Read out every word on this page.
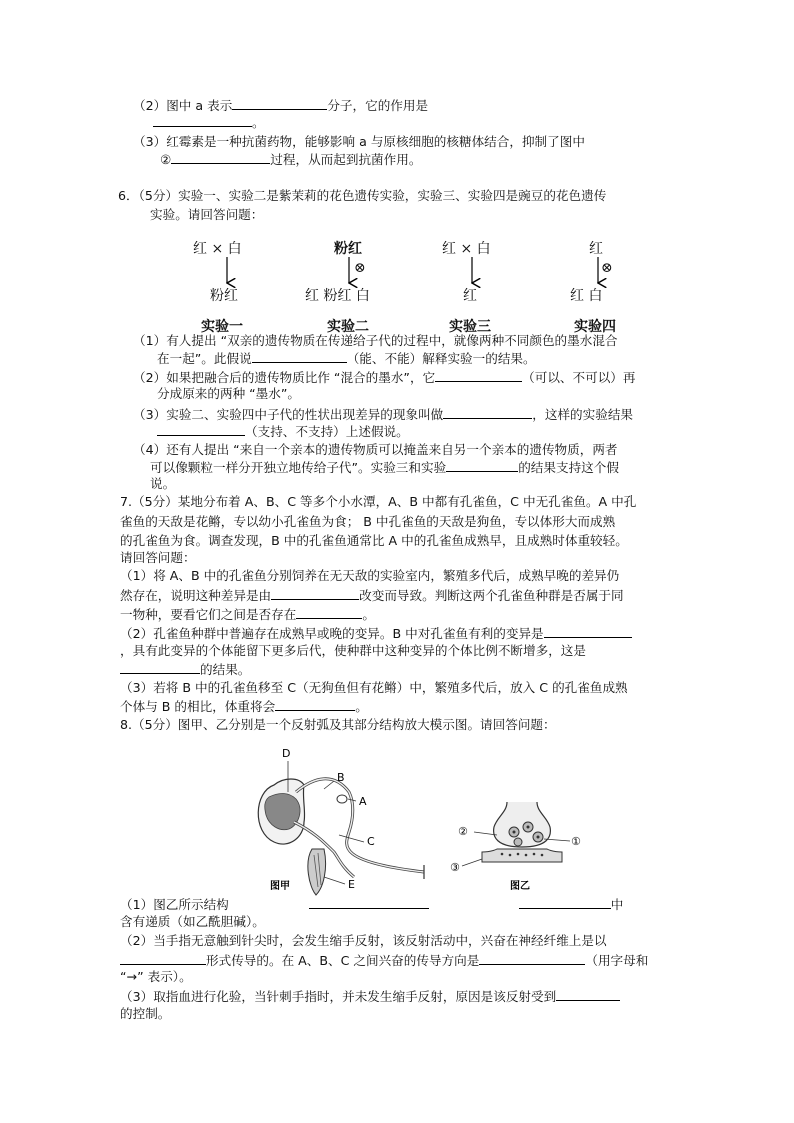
（2）图中 a 表示	分子，它的作用是
。
（3）红霉素是一种抗菌药物，能够影响 a 与原核细胞的核糖体结合，抑制了图中
②	过程，从而起到抗菌作用。
6．（5分）实验一、实验二是紫茉莉的花色遗传实验，实验三、实验四是豌豆的花色遗传
实验。请回答问题：
红 × 白
粉红
实验一
粉红
⊗
红 粉红 白
实验二
红 × 白
红
实验三
红
⊗
红 白
实验四
（1）有人提出 “双亲的遗传物质在传递给子代的过程中，就像两种不同颜色的墨水混合
在一起”。此假说	（能、不能）解释实验一的结果。
（2）如果把融合后的遗传物质比作 “混合的墨水”，它	（可以、不可以）再
分成原来的两种 “墨水”。
（3）实验二、实验四中子代的性状出现差异的现象叫做	，这样的实验结果
（支持、不支持）上述假说。
（4）还有人提出 “来自一个亲本的遗传物质可以掩盖来自另一个亲本的遗传物质，两者
可以像颗粒一样分开独立地传给子代”。实验三和实验	的结果支持这个假
说。
7.（5分）某地分布着 A、B、C 等多个小水潭，A、B 中都有孔雀鱼，C 中无孔雀鱼。A 中孔
雀鱼的天敌是花鳉，专以幼小孔雀鱼为食； B 中孔雀鱼的天敌是狗鱼，专以体形大而成熟
的孔雀鱼为食。调查发现，B 中的孔雀鱼通常比 A 中的孔雀鱼成熟早，且成熟时体重较轻。
请回答问题：
（1）将 A、B 中的孔雀鱼分别饲养在无天敌的实验室内，繁殖多代后，成熟早晚的差异仍
然存在，说明这种差异是由	改变而导致。判断这两个孔雀鱼种群是否属于同
一物种，要看它们之间是否存在	。
（2）孔雀鱼种群中普遍存在成熟早或晚的变异。B 中对孔雀鱼有利的变异是
，具有此变异的个体能留下更多后代，使种群中这种变异的个体比例不断增多，这是
的结果。
（3）若将 B 中的孔雀鱼移至 C（无狗鱼但有花鳉）中，繁殖多代后，放入 C 的孔雀鱼成熟
个体与 B 的相比，体重将会	。
8.（5分）图甲、乙分别是一个反射弧及其部分结构放大模示图。请回答问题：
D
B
A
C
E
图甲
②
①
③
图乙
（1）图乙所示结构	中
含有递质（如乙酰胆碱）。
（2）当手指无意触到针尖时，会发生缩手反射，该反射活动中，兴奋在神经纤维上是以
形式传导的。在 A、B、C 之间兴奋的传导方向是	（用字母和
“→” 表示）。
（3）取指血进行化验，当针刺手指时，并未发生缩手反射，原因是该反射受到
的控制。
